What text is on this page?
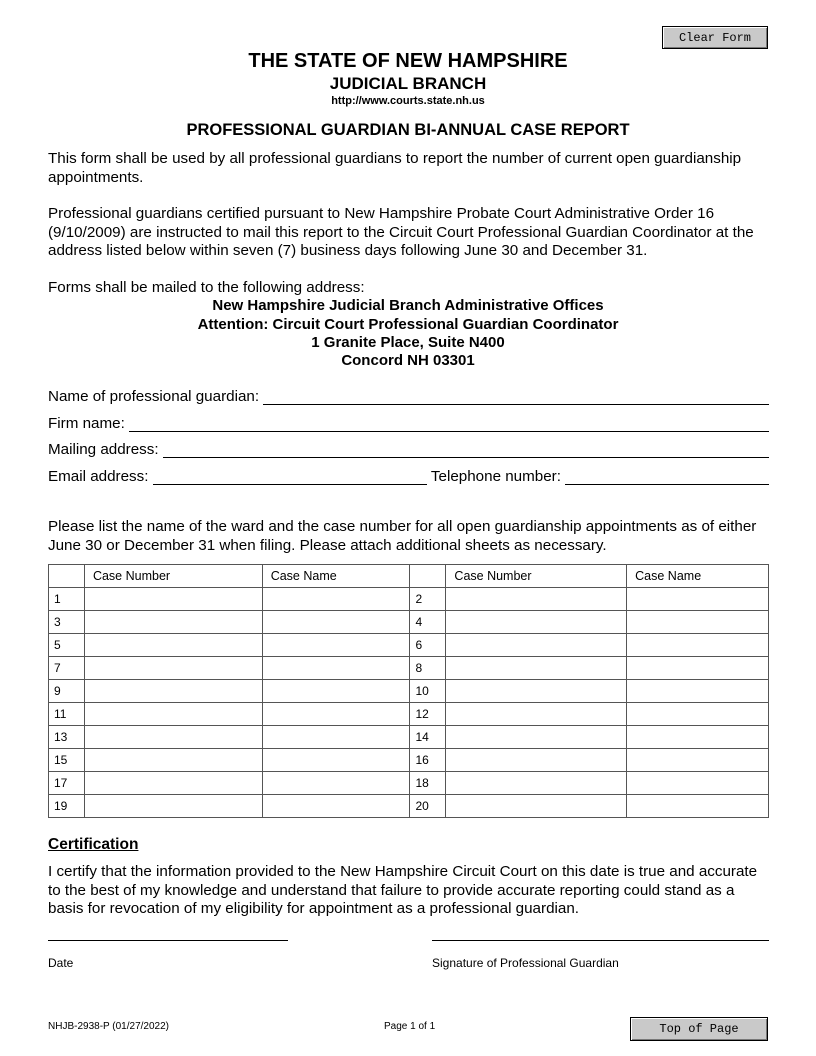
Clear Form
THE STATE OF NEW HAMPSHIRE
JUDICIAL BRANCH
http://www.courts.state.nh.us
PROFESSIONAL GUARDIAN BI-ANNUAL CASE REPORT
This form shall be used by all professional guardians to report the number of current open guardianship appointments.
Professional guardians certified pursuant to New Hampshire Probate Court Administrative Order 16 (9/10/2009) are instructed to mail this report to the Circuit Court Professional Guardian Coordinator at the address listed below within seven (7) business days following June 30 and December 31.
Forms shall be mailed to the following address:
New Hampshire Judicial Branch Administrative Offices
Attention: Circuit Court Professional Guardian Coordinator
1 Granite Place, Suite N400
Concord NH 03301
Name of professional guardian:

Firm name:

Mailing address:

Email address:

	Telephone number:

Please list the name of the ward and the case number for all open guardianship appointments as of either June 30 or December 31 when filing. Please attach additional sheets as necessary.
	Case Number	Case Name		Case Number	Case Name
1			2		
3			4		
5			6		
7			8		
9			10		
11			12		
13			14		
15			16		
17			18		
19			20		
Certification
I certify that the information provided to the New Hampshire Circuit Court on this date is true and accurate to the best of my knowledge and understand that failure to provide accurate reporting could stand as a basis for revocation of my eligibility for appointment as a professional guardian.
Date	Signature of Professional Guardian
NHJB-2938-P (01/27/2022)	Page 1 of 1	Top of Page
